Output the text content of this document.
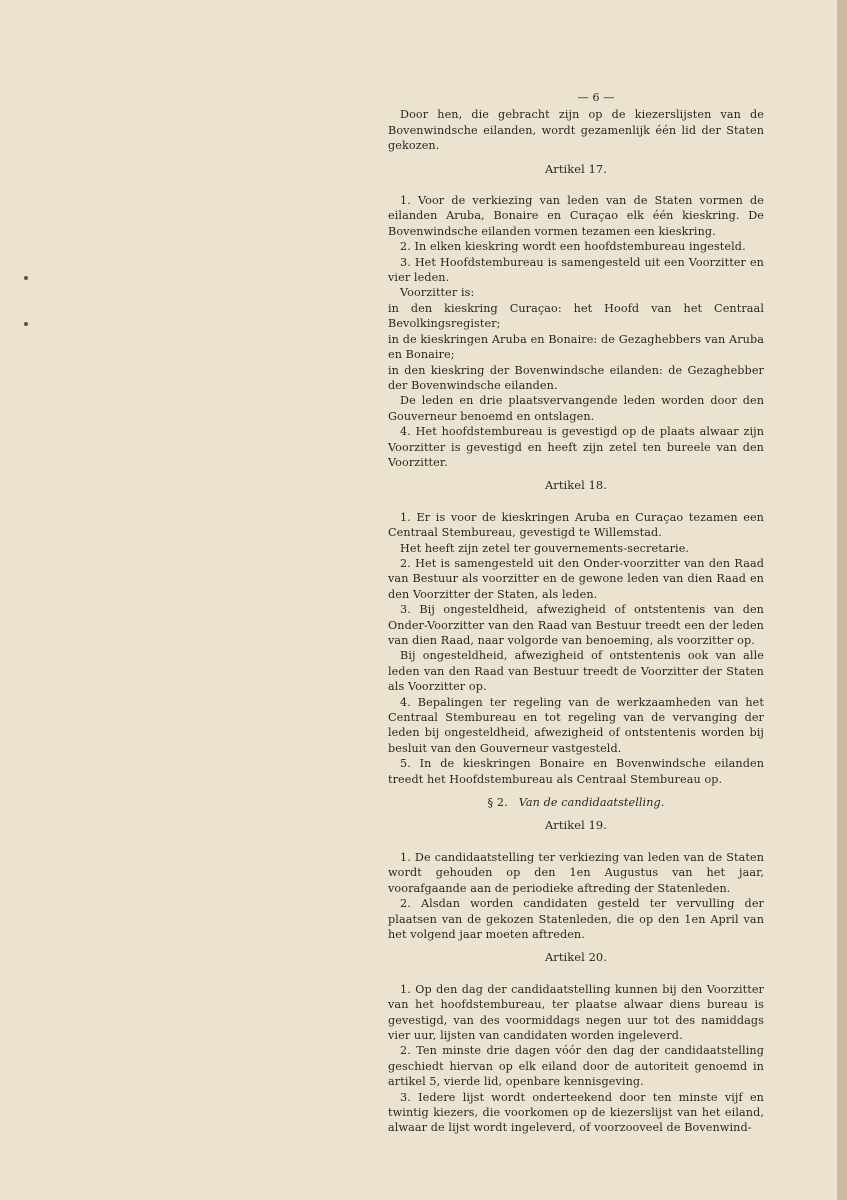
— 6 —

Door hen, die gebracht zijn op de kiezerslijsten van de Bovenwindsche eilanden, wordt gezamenlijk één lid der Staten gekozen.

Artikel 17.

1. Voor de verkiezing van leden van de Staten vormen de eilanden Aruba, Bonaire en Curaçao elk één kieskring. De Bovenwindsche eilanden vormen tezamen een kieskring.

2. In elken kieskring wordt een hoofdstembureau ingesteld.

3. Het Hoofdstembureau is samengesteld uit een Voorzitter en vier leden.

Voorzitter is:

in den kieskring Curaçao: het Hoofd van het Centraal Bevolkingsregister;

in de kieskringen Aruba en Bonaire: de Gezaghebbers van Aruba en Bonaire;

in den kieskring der Bovenwindsche eilanden: de Gezaghebber der Bovenwindsche eilanden.

De leden en drie plaatsvervangende leden worden door den Gouverneur benoemd en ontslagen.

4. Het hoofdstembureau is gevestigd op de plaats alwaar zijn Voorzitter is gevestigd en heeft zijn zetel ten bureele van den Voorzitter.

Artikel 18.

1. Er is voor de kieskringen Aruba en Curaçao tezamen een Centraal Stembureau, gevestigd te Willemstad.

Het heeft zijn zetel ter gouvernements-secretarie.

2. Het is samengesteld uit den Onder-voorzitter van den Raad van Bestuur als voorzitter en de gewone leden van dien Raad en den Voorzitter der Staten, als leden.

3. Bij ongesteldheid, afwezigheid of ontstentenis van den Onder-Voorzitter van den Raad van Bestuur treedt een der leden van dien Raad, naar volgorde van benoeming, als voorzitter op.

Bij ongesteldheid, afwezigheid of ontstentenis ook van alle leden van den Raad van Bestuur treedt de Voorzitter der Staten als Voorzitter op.

4. Bepalingen ter regeling van de werkzaamheden van het Centraal Stembureau en tot regeling van de vervanging der leden bij ongesteldheid, afwezigheid of ontstentenis worden bij besluit van den Gouverneur vastgesteld.

5. In de kieskringen Bonaire en Bovenwindsche eilanden treedt het Hoofdstembureau als Centraal Stembureau op.

§ 2. Van de candidaatstelling.
Artikel 19.

1. De candidaatstelling ter verkiezing van leden van de Staten wordt gehouden op den 1en Augustus van het jaar, voorafgaande aan de periodieke aftreding der Statenleden.

2. Alsdan worden candidaten gesteld ter vervulling der plaatsen van de gekozen Statenleden, die op den 1en April van het volgend jaar moeten aftreden.

Artikel 20.

1. Op den dag der candidaatstelling kunnen bij den Voorzitter van het hoofdstembureau, ter plaatse alwaar diens bureau is gevestigd, van des voormiddags negen uur tot des namiddags vier uur, lijsten van candidaten worden ingeleverd.

2. Ten minste drie dagen vóór den dag der candidaatstelling geschiedt hiervan op elk eiland door de autoriteit genoemd in artikel 5, vierde lid, openbare kennisgeving.

3. Iedere lijst wordt onderteekend door ten minste vijf en twintig kiezers, die voorkomen op de kiezerslijst van het eiland, alwaar de lijst wordt ingeleverd, of voorzooveel de Bovenwind-
